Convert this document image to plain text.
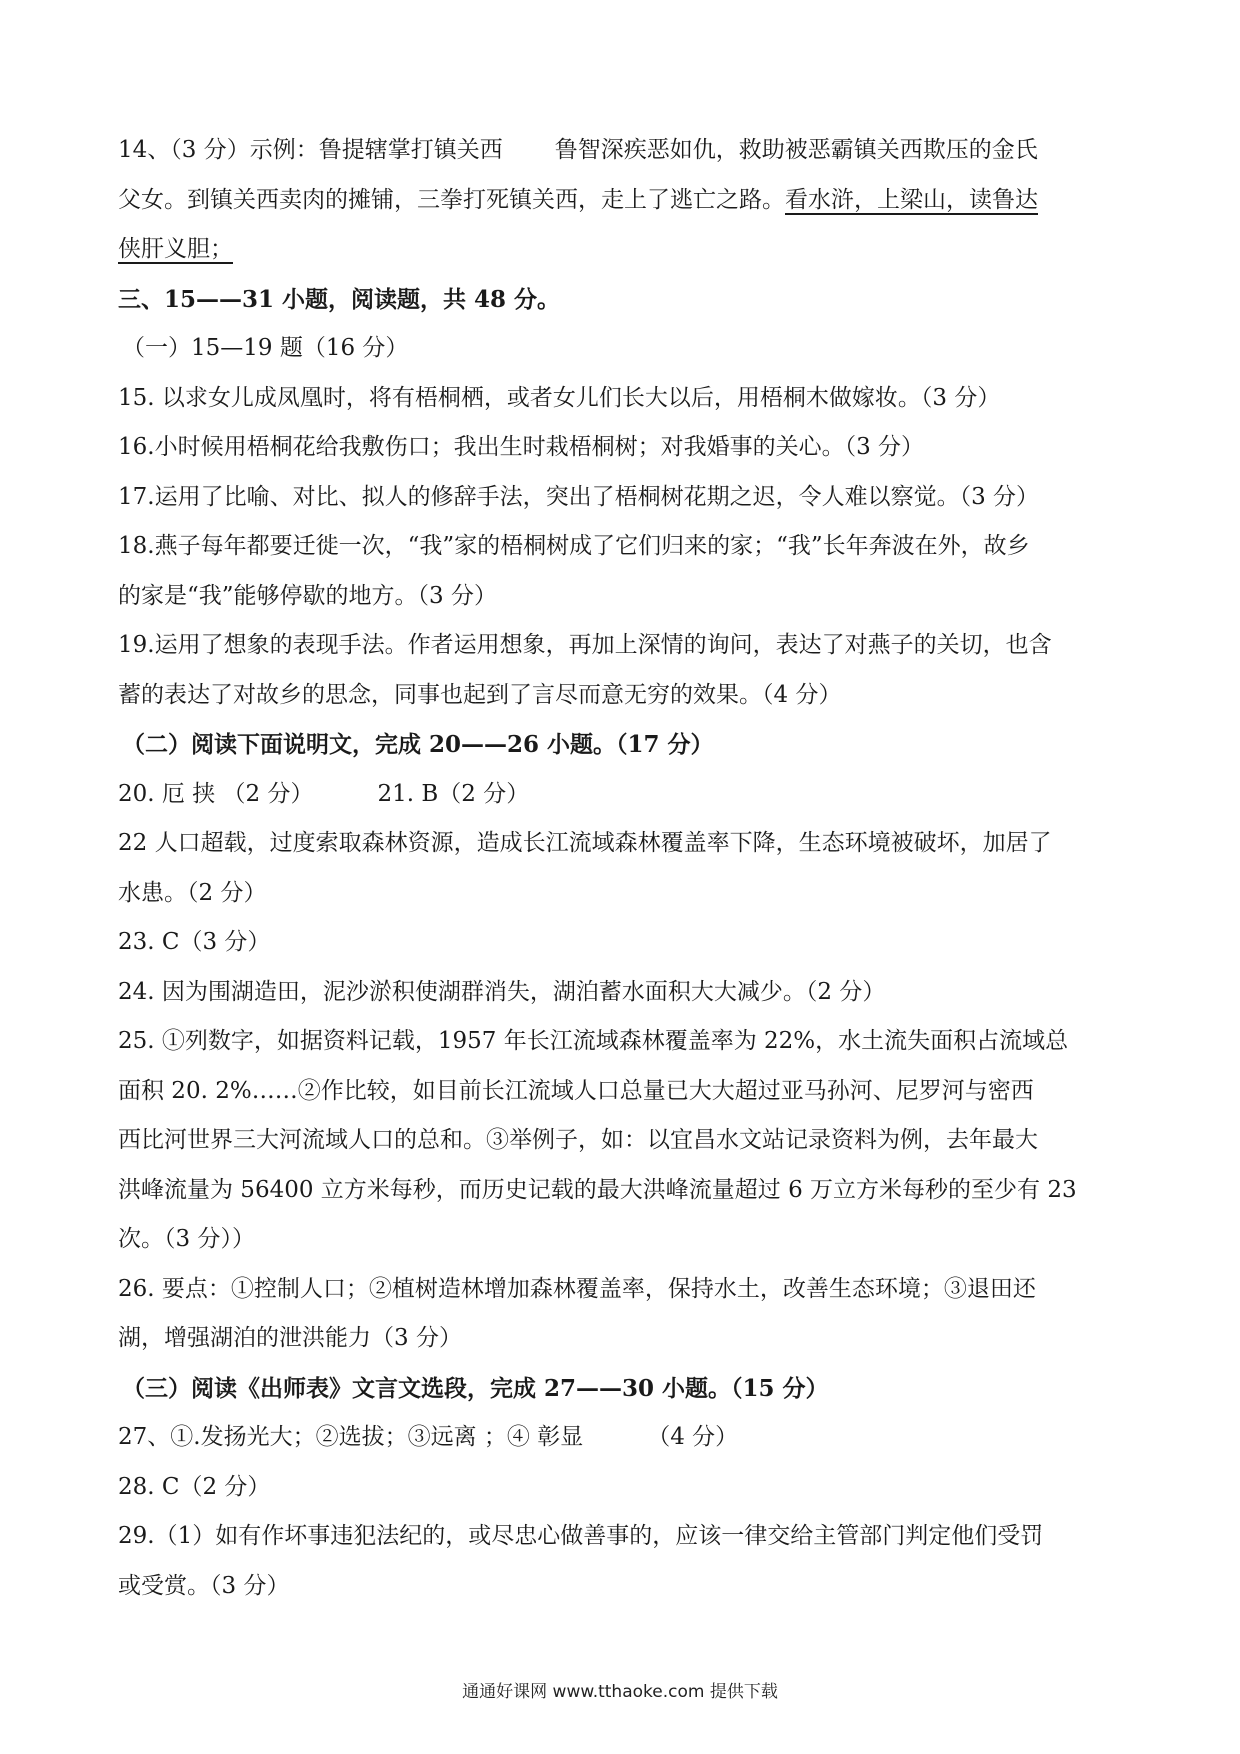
14、（3 分）示例：鲁提辖掌打镇关西 鲁智深疾恶如仇，救助被恶霸镇关西欺压的金氏
父女。到镇关西卖肉的摊铺，三拳打死镇关西，走上了逃亡之路。看水浒，上梁山，读鲁达
侠肝义胆；
三、15——31 小题，阅读题，共 48 分。
（一）15—19 题（16 分）
15. 以求女儿成凤凰时，将有梧桐栖，或者女儿们长大以后，用梧桐木做嫁妆。（3 分）
16.小时候用梧桐花给我敷伤口；我出生时栽梧桐树；对我婚事的关心。（3 分）
17.运用了比喻、对比、拟人的修辞手法，突出了梧桐树花期之迟，令人难以察觉。（3 分）
18.燕子每年都要迁徙一次，“我”家的梧桐树成了它们归来的家；“我”长年奔波在外，故乡
的家是“我”能够停歇的地方。（3 分）
19.运用了想象的表现手法。作者运用想象，再加上深情的询问，表达了对燕子的关切，也含
蓄的表达了对故乡的思念，同事也起到了言尽而意无穷的效果。（4 分）
（二）阅读下面说明文，完成 20——26 小题。（17 分）
20. 厄 挟 （2 分）	21. B（2 分）
22 人口超载，过度索取森林资源，造成长江流域森林覆盖率下降，生态环境被破坏，加居了
水患。（2 分）
23. C（3 分）
24. 因为围湖造田，泥沙淤积使湖群消失，湖泊蓄水面积大大减少。（2 分）
25. ①列数字，如据资料记载，1957 年长江流域森林覆盖率为 22%，水土流失面积占流域总
面积 20. 2%……②作比较，如目前长江流域人口总量已大大超过亚马孙河、尼罗河与密西
西比河世界三大河流域人口的总和。③举例子，如：以宜昌水文站记录资料为例，去年最大
洪峰流量为 56400 立方米每秒，而历史记载的最大洪峰流量超过 6 万立方米每秒的至少有 23
次。（3 分））
26. 要点：①控制人口；②植树造林增加森林覆盖率，保持水土，改善生态环境；③退田还
湖，增强湖泊的泄洪能力（3 分）
（三）阅读《出师表》文言文选段，完成 27——30 小题。（15 分）
27、①.发扬光大；②选拔；③远离 ；④ 彰显	（4 分）
28. C（2 分）
29.（1）如有作坏事违犯法纪的，或尽忠心做善事的，应该一律交给主管部门判定他们受罚
或受赏。（3 分）
通通好课网 www.tthaoke.com 提供下载
